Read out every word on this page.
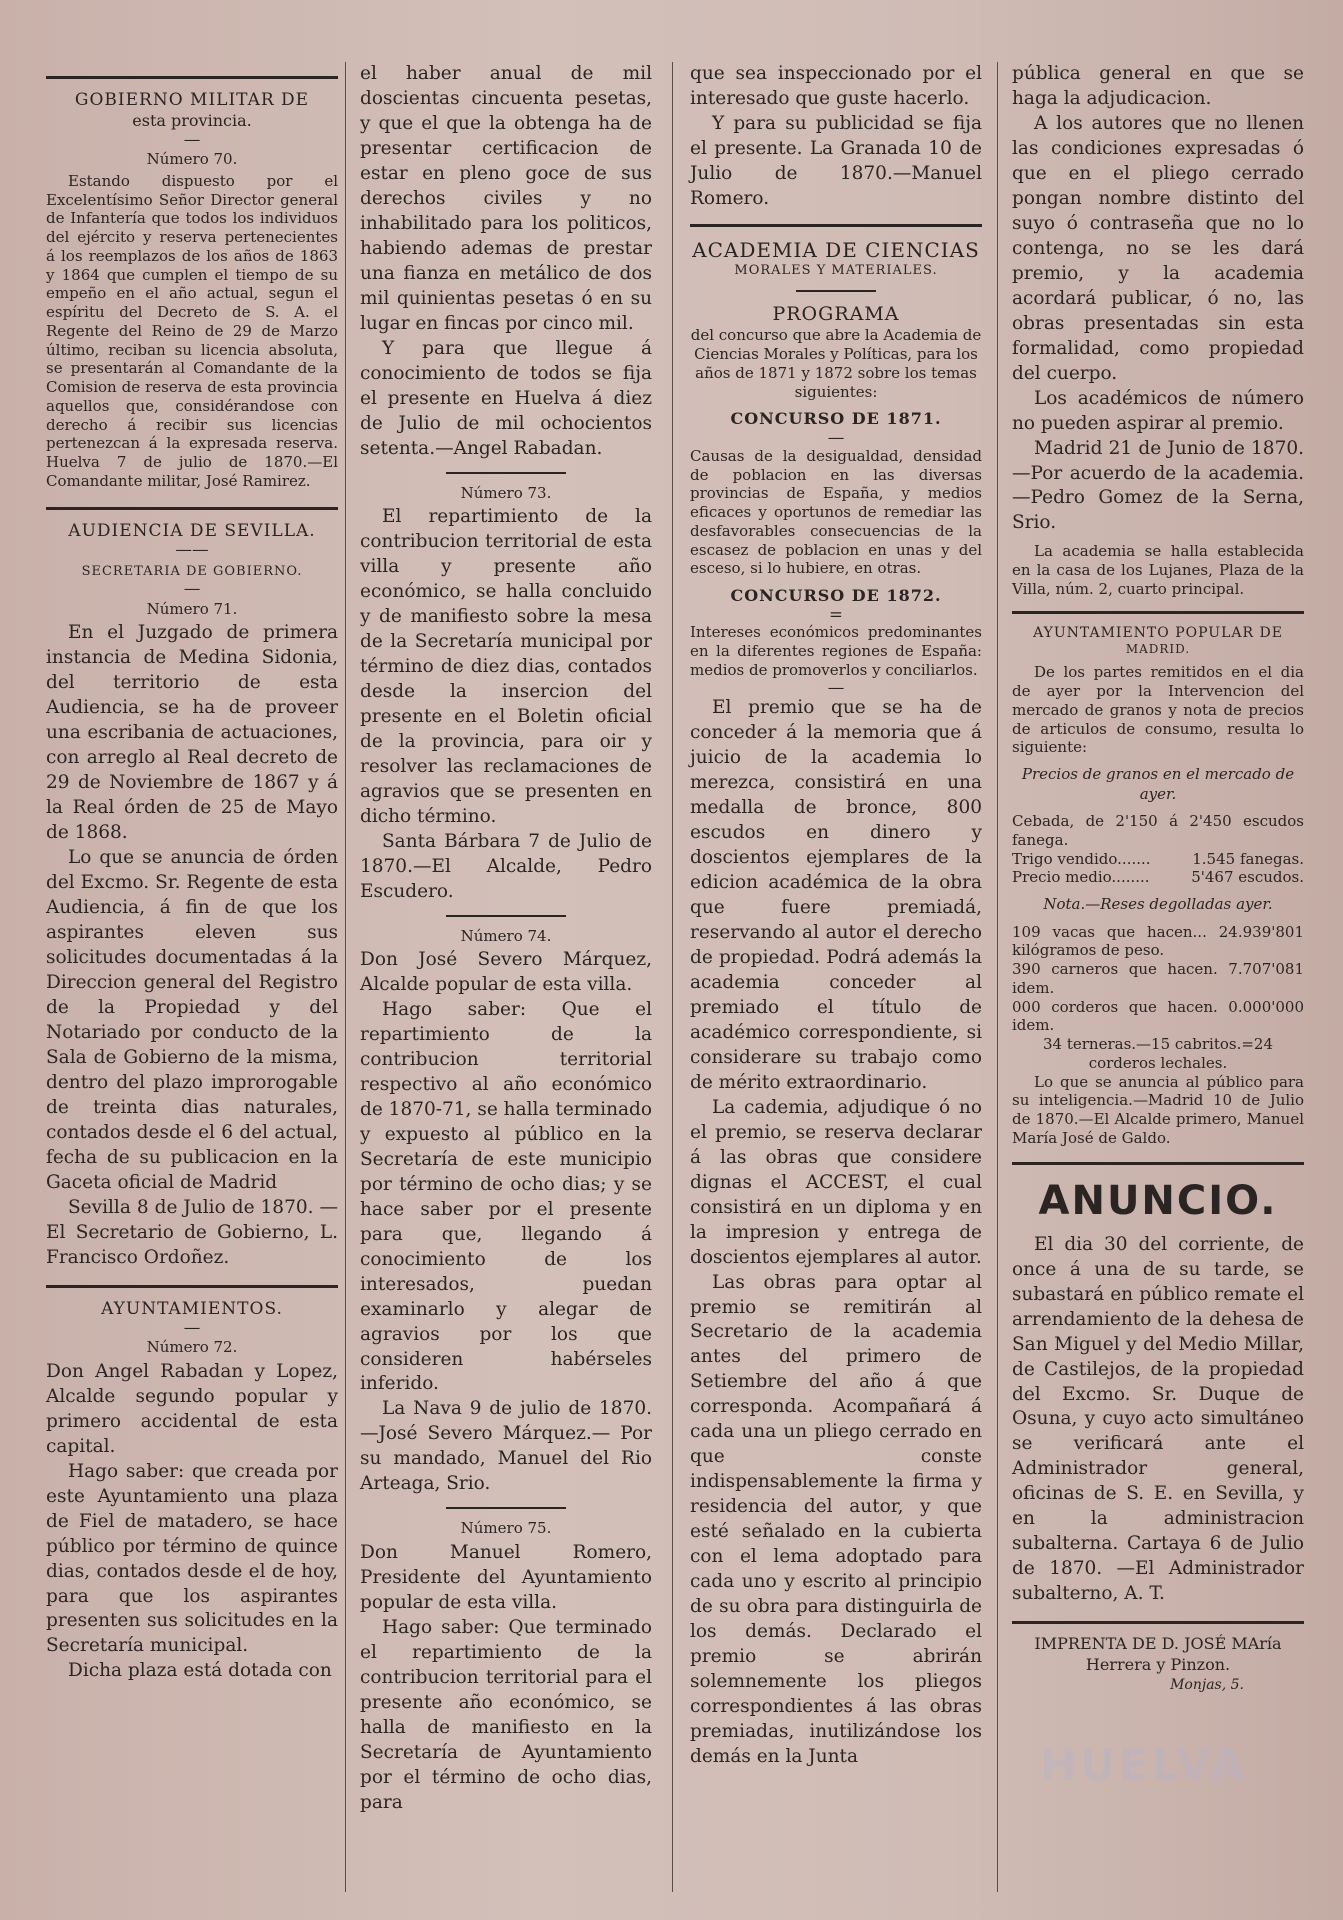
GOBIERNO MILITAR DE
esta provincia.
—
Número 70.

Estando dispuesto por el Excelentísimo Señor Director general de Infantería que todos los individuos del ejército y reserva pertenecientes á los reemplazos de los años de 1863 y 1864 que cumplen el tiempo de su empeño en el año actual, segun el espíritu del Decreto de S. A. el Regente del Reino de 29 de Marzo último, reciban su licencia absoluta, se presentarán al Comandante de la Comision de reserva de esta provincia aquellos que, considérandose con derecho á recibir sus licencias pertenezcan á la expresada reserva. Huelva 7 de julio de 1870.—El Comandante militar, José Ramirez.

AUDIENCIA DE SEVILLA.
——
SECRETARIA DE GOBIERNO.
—
Número 71.

En el Juzgado de primera instancia de Medina Sidonia, del territorio de esta Audiencia, se ha de proveer una escribania de actuaciones, con arreglo al Real decreto de 29 de Noviembre de 1867 y á la Real órden de 25 de Mayo de 1868.

Lo que se anuncia de órden del Excmo. Sr. Regente de esta Audiencia, á fin de que los aspirantes eleven sus solicitudes documentadas á la Direccion general del Registro de la Propiedad y del Notariado por conducto de la Sala de Gobierno de la misma, dentro del plazo improrogable de treinta dias naturales, contados desde el 6 del actual, fecha de su publicacion en la Gaceta oficial de Madrid

Sevilla 8 de Julio de 1870. —El Secretario de Gobierno, L. Francisco Ordoñez.

AYUNTAMIENTOS.
—
Número 72.

Don Angel Rabadan y Lopez, Alcalde segundo popular y primero accidental de esta capital.

Hago saber: que creada por este Ayuntamiento una plaza de Fiel de matadero, se hace público por término de quince dias, contados desde el de hoy, para que los aspirantes presenten sus solicitudes en la Secretaría municipal.

Dicha plaza está dotada con

el haber anual de mil doscientas cincuenta pesetas, y que el que la obtenga ha de presentar certificacion de estar en pleno goce de sus derechos civiles y no inhabilitado para los politicos, habiendo ademas de prestar una fianza en metálico de dos mil quinientas pesetas ó en su lugar en fincas por cinco mil.

Y para que llegue á conocimiento de todos se fija el presente en Huelva á diez de Julio de mil ochocientos setenta.—Angel Rabadan.

Número 73.

El repartimiento de la contribucion territorial de esta villa y presente año económico, se halla concluido y de manifiesto sobre la mesa de la Secretaría municipal por término de diez dias, contados desde la insercion del presente en el Boletin oficial de la provincia, para oir y resolver las reclamaciones de agravios que se presenten en dicho término.

Santa Bárbara 7 de Julio de 1870.—El Alcalde, Pedro Escudero.

Número 74.

Don José Severo Márquez, Alcalde popular de esta villa.

Hago saber: Que el repartimiento de la contribucion territorial respectivo al año económico de 1870-71, se halla terminado y expuesto al público en la Secretaría de este municipio por término de ocho dias; y se hace saber por el presente para que, llegando á conocimiento de los interesados, puedan examinarlo y alegar de agravios por los que consideren habérseles inferido.

La Nava 9 de julio de 1870. —José Severo Márquez.— Por su mandado, Manuel del Rio Arteaga, Srio.

Número 75.

Don Manuel Romero, Presidente del Ayuntamiento popular de esta villa.

Hago saber: Que terminado el repartimiento de la contribucion territorial para el presente año económico, se halla de manifiesto en la Secretaría de Ayuntamiento por el término de ocho dias, para

que sea inspeccionado por el interesado que guste hacerlo.

Y para su publicidad se fija el presente. La Granada 10 de Julio de 1870.—Manuel Romero.

ACADEMIA DE CIENCIAS
MORALES Y MATERIALES.
PROGRAMA

del concurso que abre la Academia de Ciencias Morales y Políticas, para los años de 1871 y 1872 sobre los temas siguientes:

CONCURSO DE 1871.
—

Causas de la desigualdad, densidad de poblacion en las diversas provincias de España, y medios eficaces y oportunos de remediar las desfavorables consecuencias de la escasez de poblacion en unas y del esceso, si lo hubiere, en otras.

CONCURSO DE 1872.
=

Intereses económicos predominantes en la diferentes regiones de España: medios de promoverlos y conciliarlos.

—

El premio que se ha de conceder á la memoria que á juicio de la academia lo merezca, consistirá en una medalla de bronce, 800 escudos en dinero y doscientos ejemplares de la edicion académica de la obra que fuere premiadá, reservando al autor el derecho de propiedad. Podrá además la academia conceder al premiado el título de académico correspondiente, si considerare su trabajo como de mérito extraordinario.

La cademia, adjudique ó no el premio, se reserva declarar á las obras que considere dignas el ACCEST, el cual consistirá en un diploma y en la impresion y entrega de doscientos ejemplares al autor.

Las obras para optar al premio se remitirán al Secretario de la academia antes del primero de Setiembre del año á que corresponda. Acompañará á cada una un pliego cerrado en que conste indispensablemente la firma y residencia del autor, y que esté señalado en la cubierta con el lema adoptado para cada uno y escrito al principio de su obra para distinguirla de los demás. Declarado el premio se abrirán solemnemente los pliegos correspondientes á las obras premiadas, inutilizándose los demás en la Junta

pública general en que se haga la adjudicacion.

A los autores que no llenen las condiciones expresadas ó que en el pliego cerrado pongan nombre distinto del suyo ó contraseña que no lo contenga, no se les dará premio, y la academia acordará publicar, ó no, las obras presentadas sin esta formalidad, como propiedad del cuerpo.

Los académicos de número no pueden aspirar al premio.

Madrid 21 de Junio de 1870.—Por acuerdo de la academia.—Pedro Gomez de la Serna, Srio.

La academia se halla establecida en la casa de los Lujanes, Plaza de la Villa, núm. 2, cuarto principal.

AYUNTAMIENTO POPULAR DE
MADRID.

De los partes remitidos en el dia de ayer por la Intervencion del mercado de granos y nota de precios de articulos de consumo, resulta lo siguiente:

Precios de granos en el mercado de ayer.

Cebada, de 2'150 á 2'450 escudos fanega.

Trigo vendido.......	1.545 fanegas.
Precio medio........	5'467 escudos.
Nota.—Reses degolladas ayer.

109 vacas que hacen... 24.939'801 kilógramos de peso.

390 carneros que hacen. 7.707'081 idem.

000 corderos que hacen. 0.000'000 idem.

34 terneras.—15 cabritos.=24 corderos lechales.

Lo que se anuncia al público para su inteligencia.—Madrid 10 de Julio de 1870.—El Alcalde primero, Manuel María José de Galdo.

ANUNCIO.

El dia 30 del corriente, de once á una de su tarde, se subastará en público remate el arrendamiento de la dehesa de San Miguel y del Medio Millar, de Castilejos, de la propiedad del Excmo. Sr. Duque de Osuna, y cuyo acto simultáneo se verificará ante el Administrador general, oficinas de S. E. en Sevilla, y en la administracion subalterna. Cartaya 6 de Julio de 1870. —El Administrador subalterno, A. T.

IMPRENTA DE D. JOSÉ MAría Herrera y Pinzon.

Monjas, 5.

HUELVA
